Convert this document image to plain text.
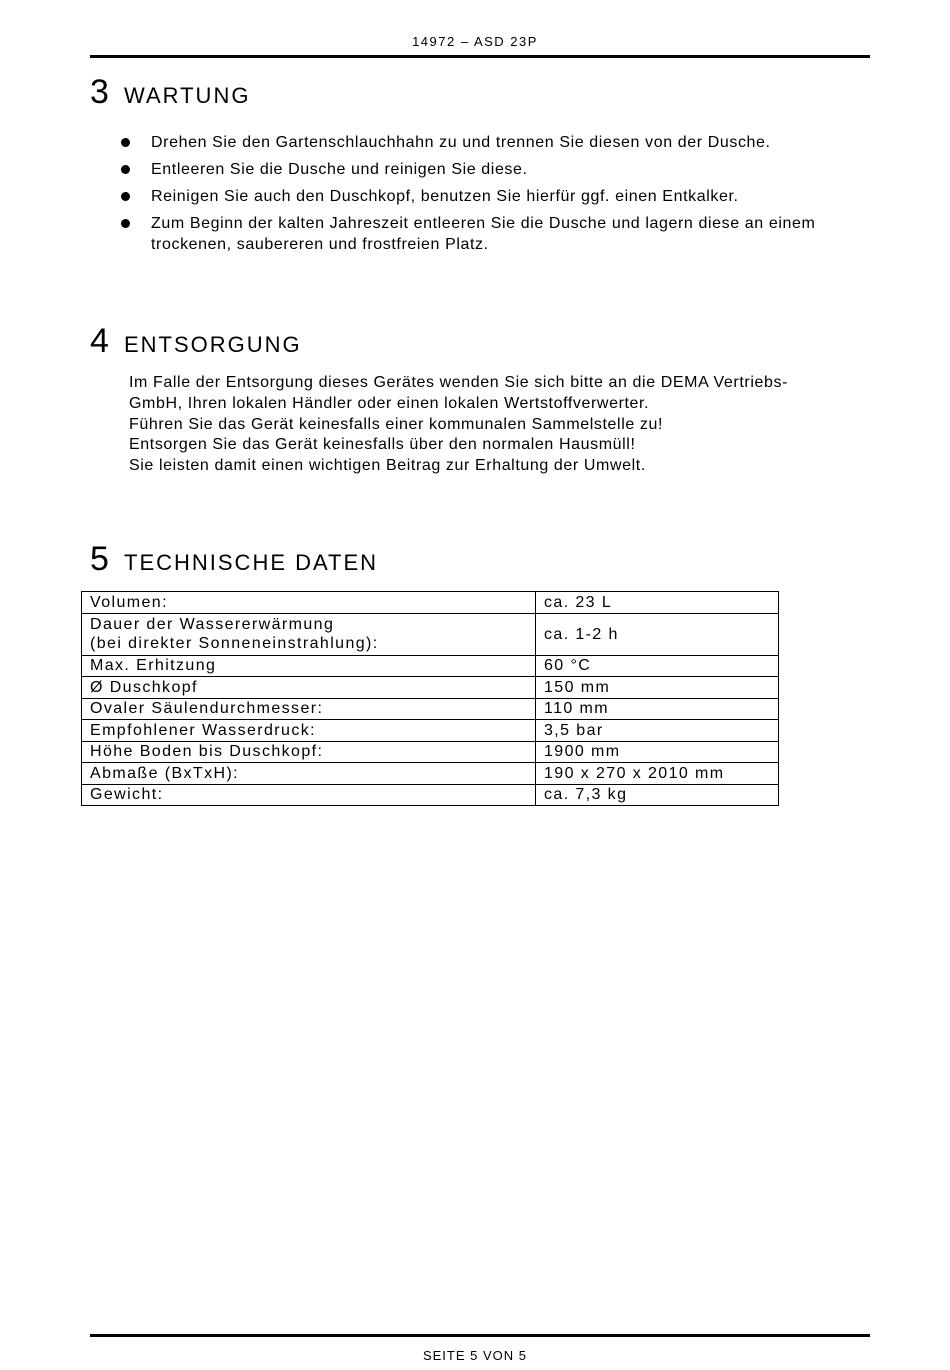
14972 – ASD 23P
3 WARTUNG
Drehen Sie den Gartenschlauchhahn zu und trennen Sie diesen von der Dusche.
Entleeren Sie die Dusche und reinigen Sie diese.
Reinigen Sie auch den Duschkopf, benutzen Sie hierfür ggf. einen Entkalker.
Zum Beginn der kalten Jahreszeit entleeren Sie die Dusche und lagern diese an einem trockenen, saubereren und frostfreien Platz.
4 ENTSORGUNG
Im Falle der Entsorgung dieses Gerätes wenden Sie sich bitte an die DEMA Vertriebs-
GmbH, Ihren lokalen Händler oder einen lokalen Wertstoffverwerter.
Führen Sie das Gerät keinesfalls einer kommunalen Sammelstelle zu!
Entsorgen Sie das Gerät keinesfalls über den normalen Hausmüll!
Sie leisten damit einen wichtigen Beitrag zur Erhaltung der Umwelt.
5 TECHNISCHE DATEN
Volumen:	ca. 23 L

Dauer der Wassererwärmung
(bei direkter Sonneneinstrahlung):	ca. 1-2 h
Max. Erhitzung	60 °C
Ø Duschkopf	150 mm
Ovaler Säulendurchmesser:	110 mm
Empfohlener Wasserdruck:	3,5 bar
Höhe Boden bis Duschkopf:	1900 mm
Abmaße (BxTxH):	190 x 270 x 2010 mm
Gewicht:	ca. 7,3 kg
SEITE 5 VON 5
